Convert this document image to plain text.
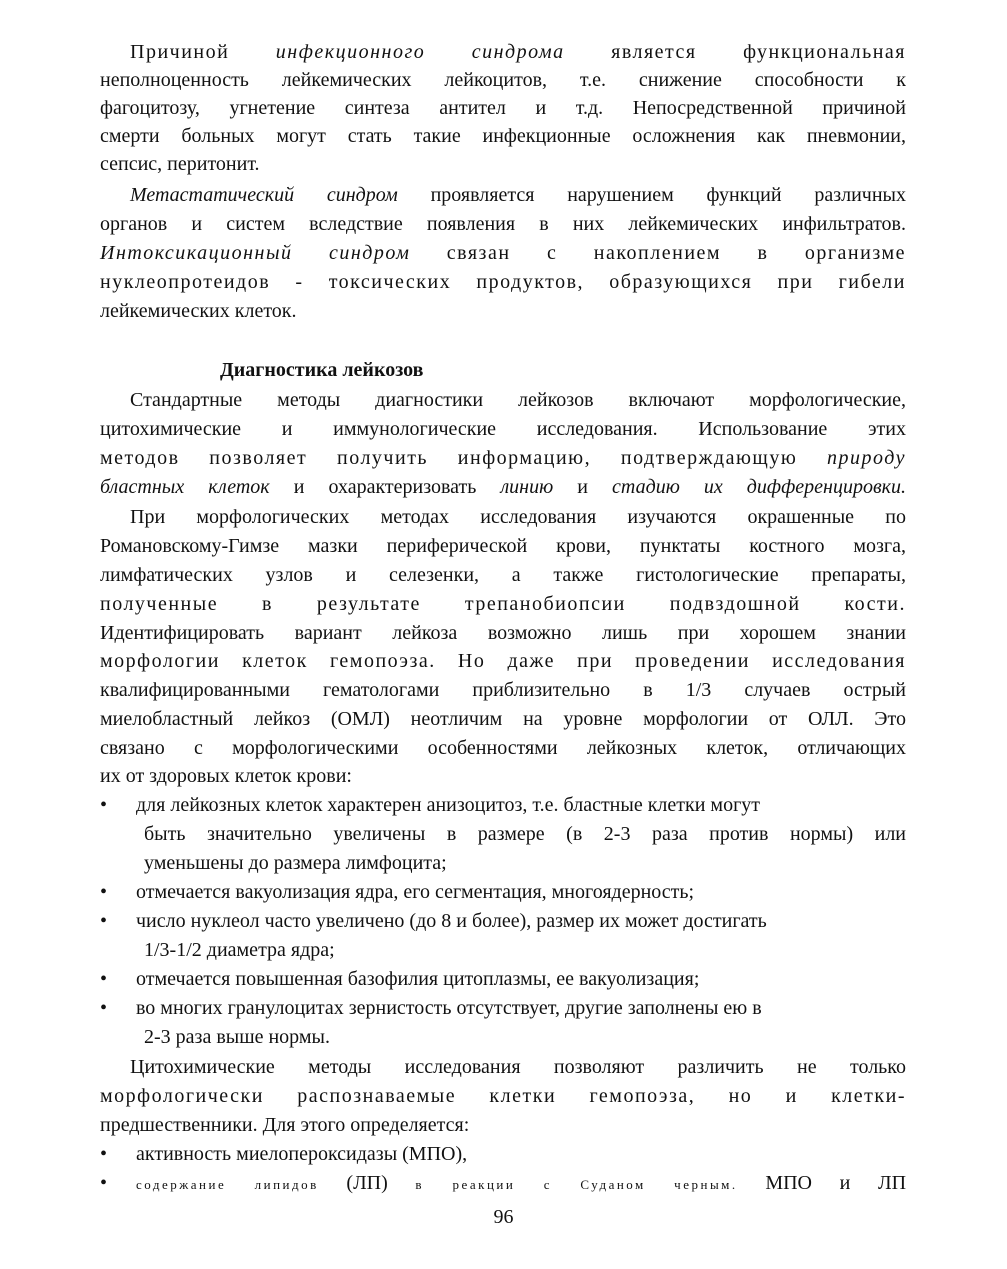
Причиной инфекционного синдрома является функциональная
неполноценность лейкемических лейкоцитов, т.е. снижение способности к
фагоцитозу, угнетение синтеза антител и т.д. Непосредственной причиной
смерти больных могут стать такие инфекционные осложнения как пневмонии,
сепсис, перитонит.
Метастатический синдром проявляется нарушением функций различных
органов и систем вследствие появления в них лейкемических инфильтратов.
Интоксикационный синдром связан с накоплением в организме
нуклеопротеидов - токсических продуктов, образующихся при гибели
лейкемических клеток.
Диагностика лейкозов
Стандартные методы диагностики лейкозов включают морфологические,
цитохимические и иммунологические исследования. Использование этих
методов позволяет получить информацию, подтверждающую природу
бластных клеток и охарактеризовать линию и стадию их дифференцировки.
При морфологических методах исследования изучаются окрашенные по
Романовскому-Гимзе мазки периферической крови, пунктаты костного мозга,
лимфатических узлов и селезенки, а также гистологические препараты,
полученные в результате трепанобиопсии подвздошной кости.
Идентифицировать вариант лейкоза возможно лишь при хорошем знании
морфологии клеток гемопоэза. Но даже при проведении исследования
квалифицированными гематологами приблизительно в 1/3 случаев острый
миелобластный лейкоз (ОМЛ) неотличим на уровне морфологии от ОЛЛ. Это
связано с морфологическими особенностями лейкозных клеток, отличающих
их от здоровых клеток крови:
•	для лейкозных клеток характерен анизоцитоз, т.е. бластные клетки могут
быть значительно увеличены в размере (в 2-3 раза против нормы) или
уменьшены до размера лимфоцита;
•	отмечается вакуолизация ядра, его сегментация, многоядерность;
•	число нуклеол часто увеличено (до 8 и более), размер их может достигать
1/3-1/2 диаметра ядра;
•	отмечается повышенная базофилия цитоплазмы, ее вакуолизация;
•	во многих гранулоцитах зернистость отсутствует, другие заполнены ею в
2-3 раза выше нормы.
Цитохимические методы исследования позволяют различить не только
морфологически распознаваемые клетки гемопоэза, но и клетки-
предшественники. Для этого определяется:
•	активность миелопероксидазы (МПО),
•	содержание липидов (ЛП) в реакции с Суданом черным. МПО и ЛП
96
